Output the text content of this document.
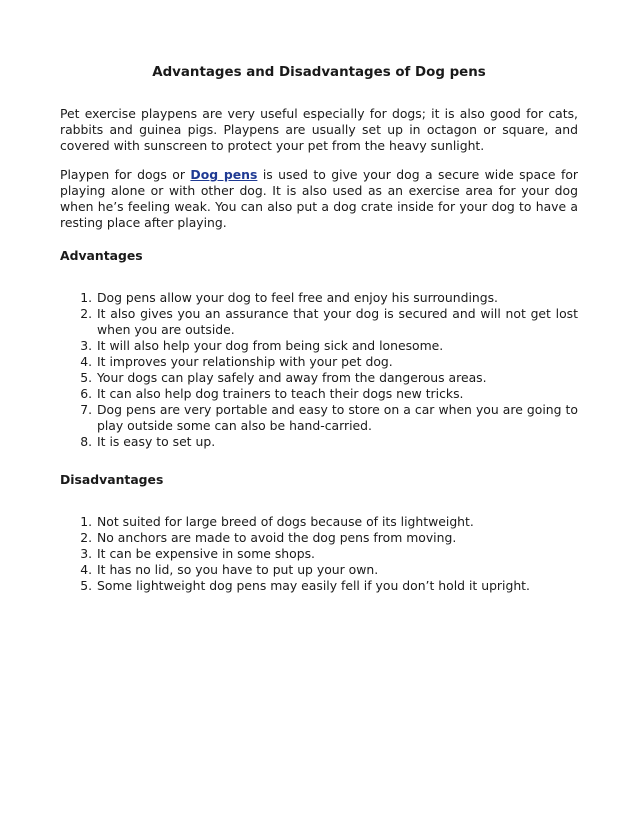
Advantages and Disadvantages of Dog pens

Pet exercise playpens are very useful especially for dogs; it is also good for cats, rabbits and guinea pigs. Playpens are usually set up in octagon or square, and covered with sunscreen to protect your pet from the heavy sunlight.

Playpen for dogs or Dog pens is used to give your dog a secure wide space for playing alone or with other dog. It is also used as an exercise area for your dog when he’s feeling weak. You can also put a dog crate inside for your dog to have a resting place after playing.

Advantages
1. Dog pens allow your dog to feel free and enjoy his surroundings.
2. It also gives you an assurance that your dog is secured and will not get lost when you are outside.
3. It will also help your dog from being sick and lonesome.
4. It improves your relationship with your pet dog.
5. Your dogs can play safely and away from the dangerous areas.
6. It can also help dog trainers to teach their dogs new tricks.
7. Dog pens are very portable and easy to store on a car when you are going to play outside some can also be hand-carried.
8. It is easy to set up.
Disadvantages
1. Not suited for large breed of dogs because of its lightweight.
2. No anchors are made to avoid the dog pens from moving.
3. It can be expensive in some shops.
4. It has no lid, so you have to put up your own.
5. Some lightweight dog pens may easily fell if you don’t hold it upright.
